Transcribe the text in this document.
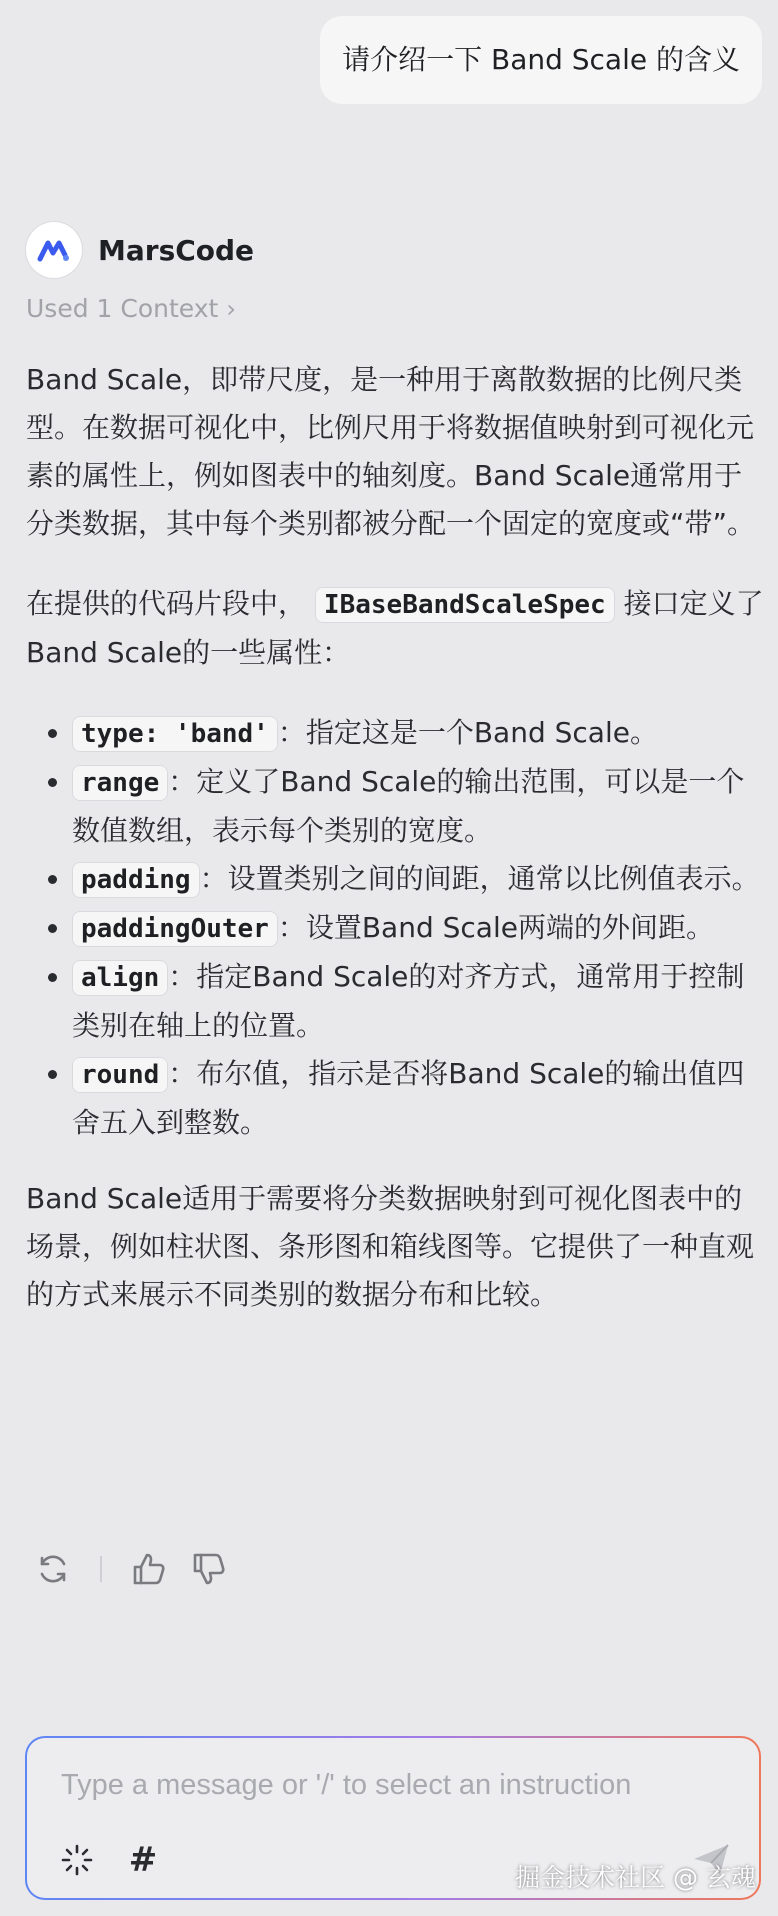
请介绍一下 Band Scale 的含义
MarsCode
Used 1 Context ›

Band Scale，即带尺度，是一种用于离散数据的比例尺类型。在数据可视化中，比例尺用于将数据值映射到可视化元素的属性上，例如图表中的轴刻度。Band Scale通常用于分类数据，其中每个类别都被分配一个固定的宽度或“带”。

在提供的代码片段中， IBaseBandScaleSpec 接口定义了Band Scale的一些属性：

• type: 'band' ：指定这是一个Band Scale。
• range ：定义了Band Scale的输出范围，可以是一个数值数组，表示每个类别的宽度。
• padding ：设置类别之间的间距，通常以比例值表示。
• paddingOuter ：设置Band Scale两端的外间距。
• align ：指定Band Scale的对齐方式，通常用于控制类别在轴上的位置。
• round ：布尔值，指示是否将Band Scale的输出值四舍五入到整数。

Band Scale适用于需要将分类数据映射到可视化图表中的场景，例如柱状图、条形图和箱线图等。它提供了一种直观的方式来展示不同类别的数据分布和比较。

Type a message or '/' to select an instruction
#	掘金技术社区 @ 玄魂
